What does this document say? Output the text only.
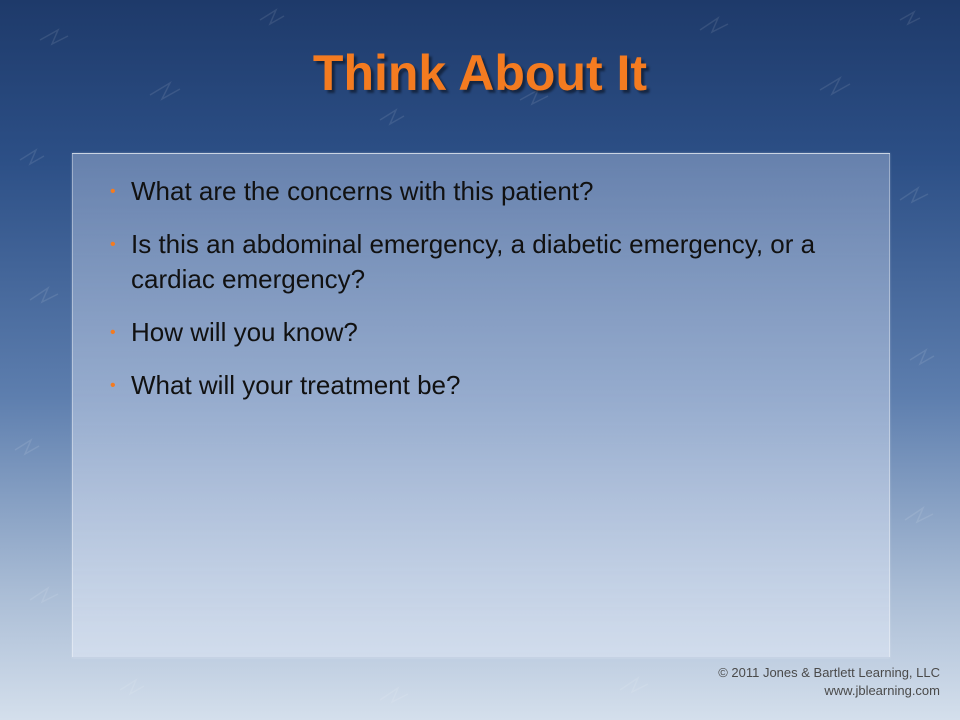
Think About It
• What are the concerns with this patient?
• Is this an abdominal emergency, a diabetic emergency, or a cardiac emergency?
• How will you know?
• What will your treatment be?
© 2011 Jones & Bartlett Learning, LLC
www.jblearning.com
